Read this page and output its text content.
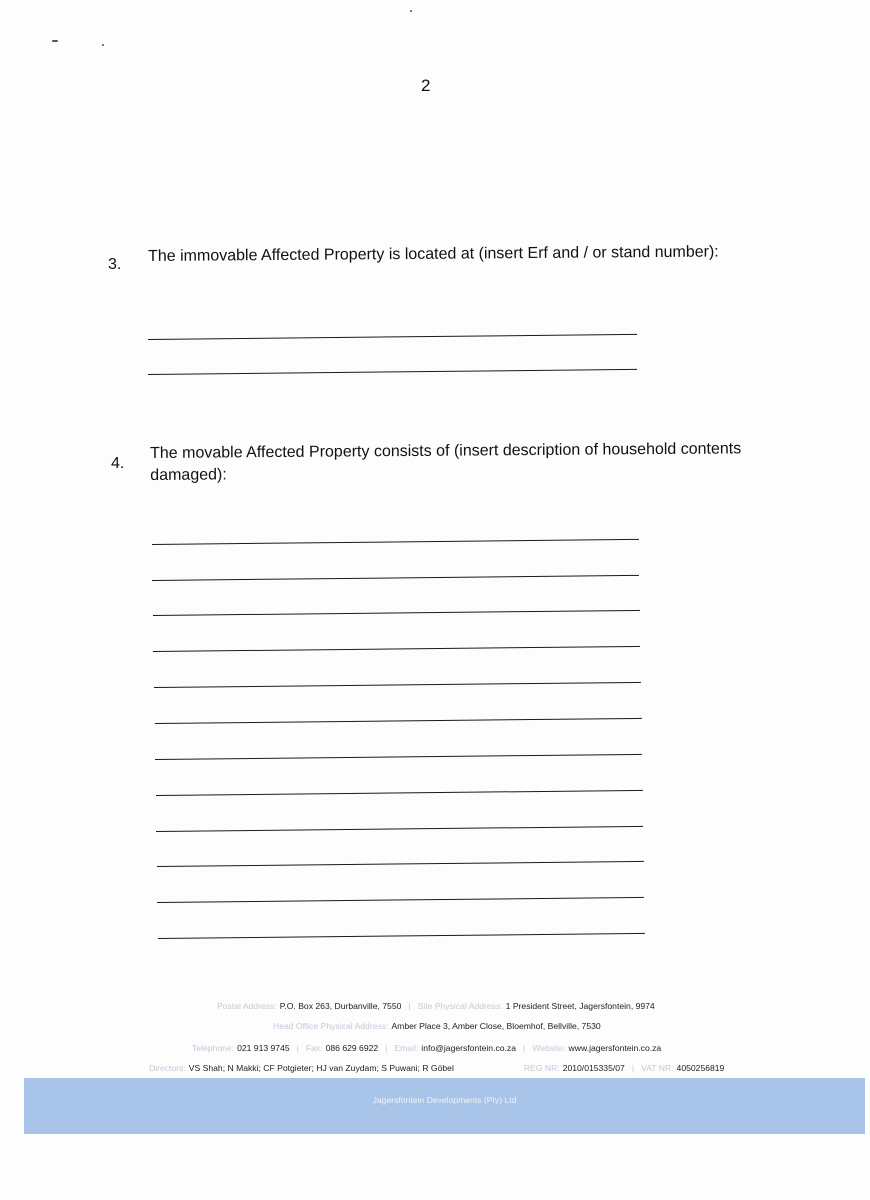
2
3. The immovable Affected Property is located at (insert Erf and / or stand number):
4.
The movable Affected Property consists of (insert description of household contents
damaged):
Postal Address: P.O. Box 263, Durbanville, 7550 | Site Physical Address: 1 President Street, Jagersfontein, 9974
Head Office Physical Address: Amber Place 3, Amber Close, Bloemhof, Bellville, 7530
Telephone: 021 913 9745 | Fax: 086 629 6922 | Email: info@jagersfontein.co.za | Website: www.jagersfontein.co.za
Directors: VS Shah; N Makki; CF Potgieter; HJ van Zuydam; S Puwani; R Göbel	REG NR: 2010/015335/07 | VAT NR: 4050256819
Jagersfontein Developments (Pty) Ltd
